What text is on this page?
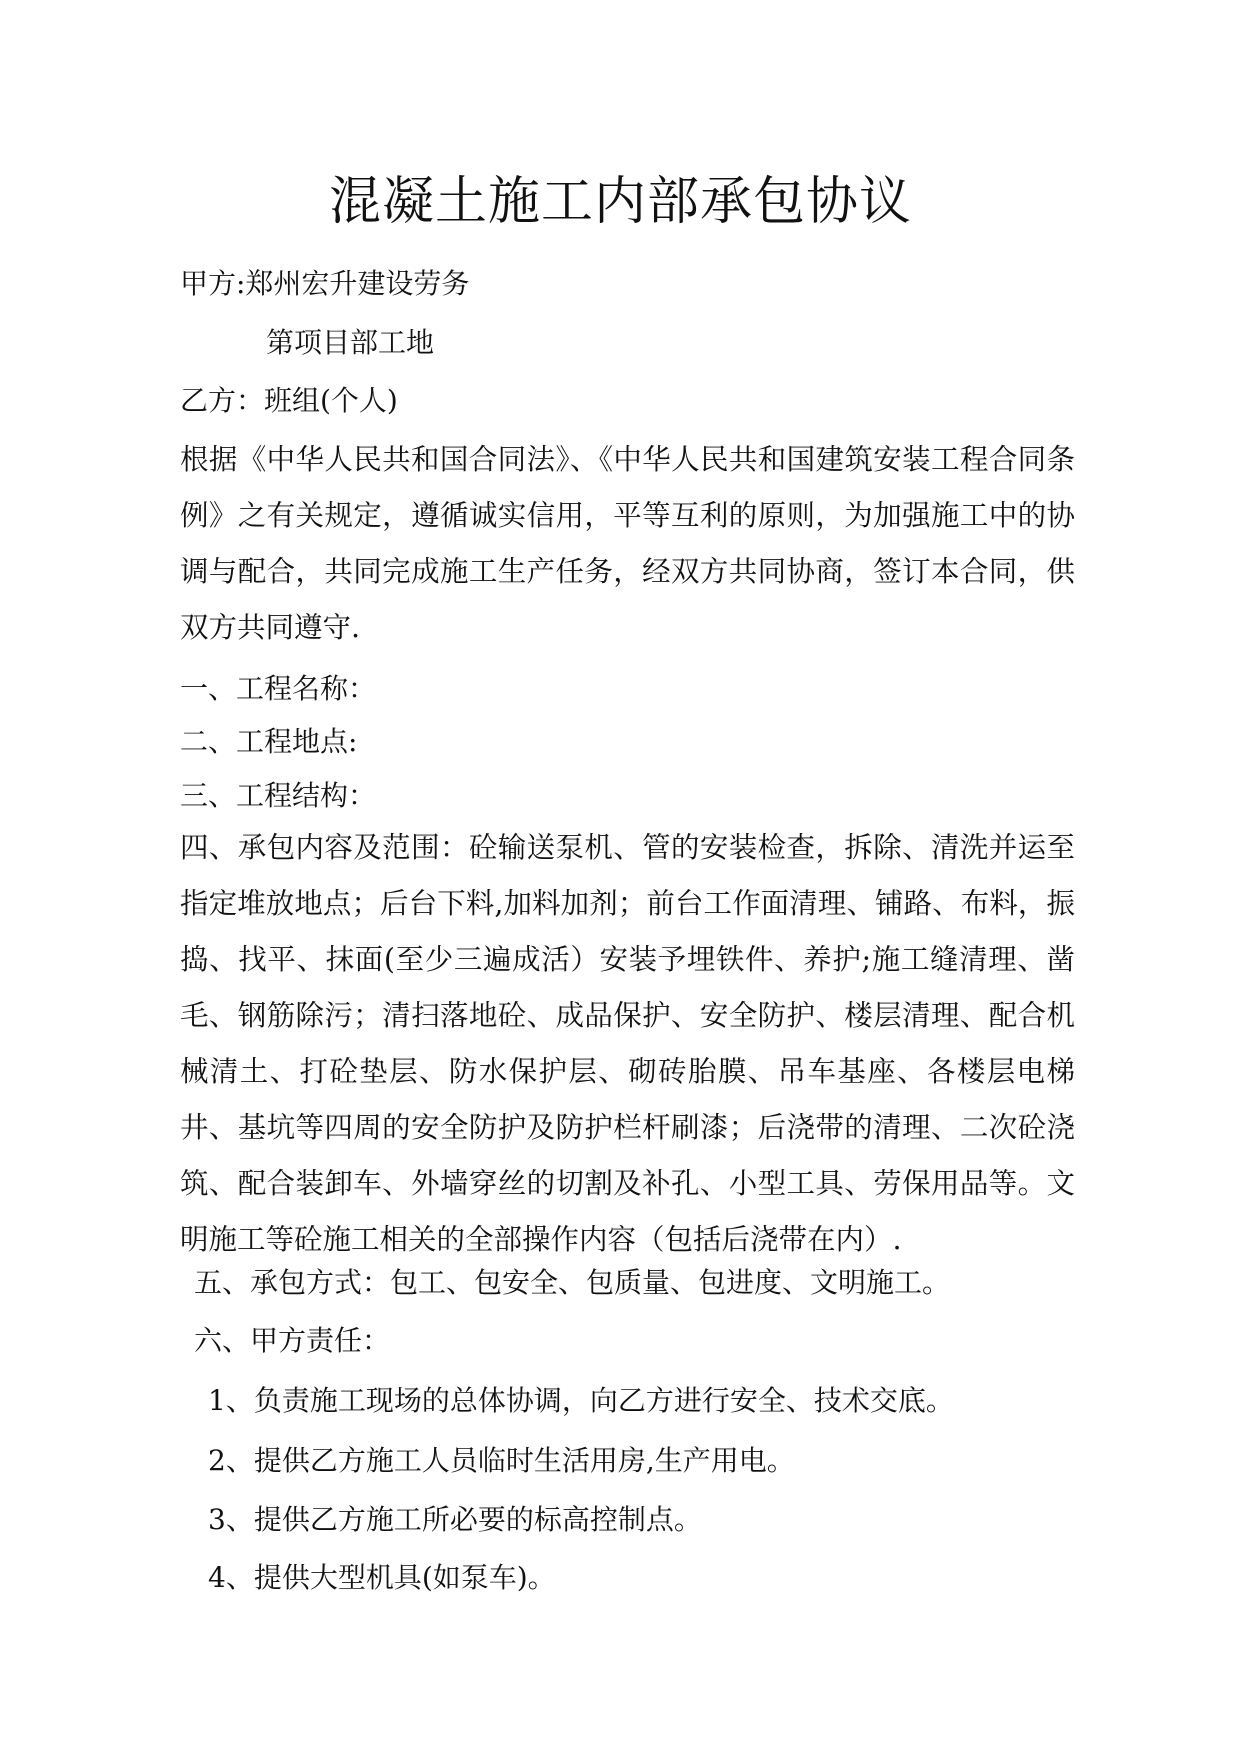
混凝土施工内部承包协议

甲方:郑州宏升建设劳务

第项目部工地

乙方：班组(个人)

根据《中华人民共和国合同法》、《中华人民共和国建筑安装工程合同条例》之有关规定，遵循诚实信用，平等互利的原则，为加强施工中的协调与配合，共同完成施工生产任务，经双方共同协商，签订本合同，供双方共同遵守.

一、工程名称：

二、工程地点:

三、工程结构：

四、承包内容及范围：砼输送泵机、管的安装检查，拆除、清洗并运至指定堆放地点；后台下料,加料加剂；前台工作面清理、铺路、布料，振捣、找平、抹面(至少三遍成活）安装予埋铁件、养护;施工缝清理、凿毛、钢筋除污；清扫落地砼、成品保护、安全防护、楼层清理、配合机械清土、打砼垫层、防水保护层、砌砖胎膜、吊车基座、各楼层电梯井、基坑等四周的安全防护及防护栏杆刷漆；后浇带的清理、二次砼浇筑、配合装卸车、外墙穿丝的切割及补孔、小型工具、劳保用品等。文明施工等砼施工相关的全部操作内容（包括后浇带在内）.

五、承包方式：包工、包安全、包质量、包进度、文明施工。

六、甲方责任：

1、负责施工现场的总体协调，向乙方进行安全、技术交底。

2、提供乙方施工人员临时生活用房,生产用电。

3、提供乙方施工所必要的标高控制点。

4、提供大型机具(如泵车)。
